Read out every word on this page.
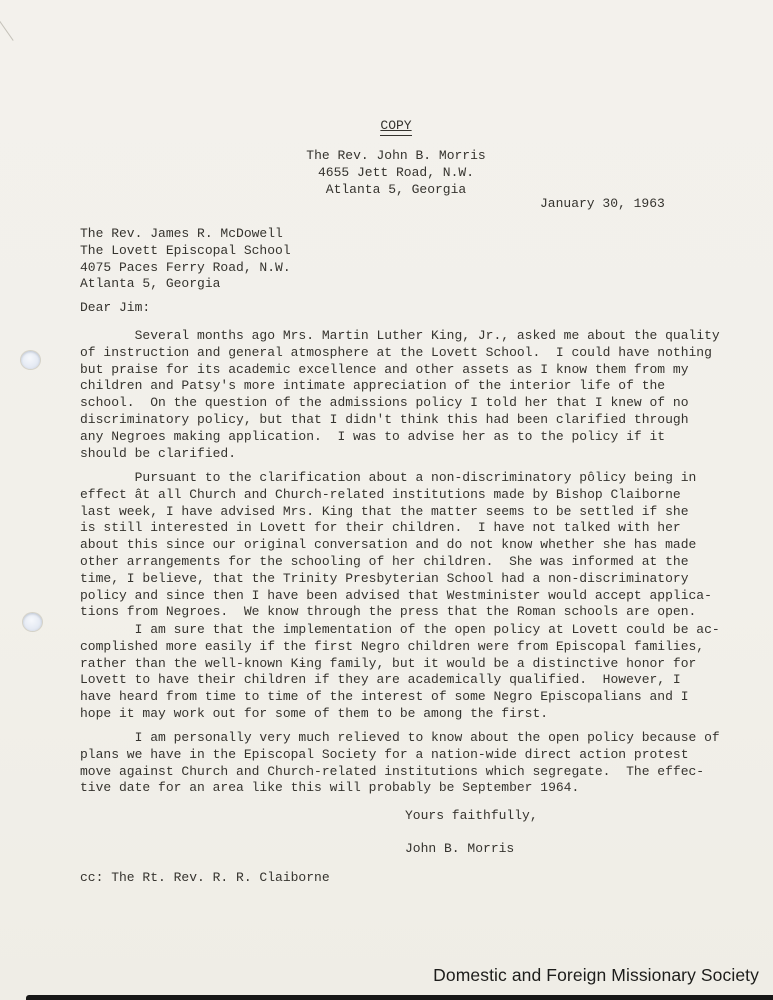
COPY
The Rev. John B. Morris
4655 Jett Road, N.W.
Atlanta 5, Georgia
January 30, 1963
The Rev. James R. McDowell
The Lovett Episcopal School
4075 Paces Ferry Road, N.W.
Atlanta 5, Georgia
Dear Jim:
Several months ago Mrs. Martin Luther King, Jr., asked me about the quality
of instruction and general atmosphere at the Lovett School.  I could have nothing
but praise for its academic excellence and other assets as I know them from my
children and Patsy's more intimate appreciation of the interior life of the
school.  On the question of the admissions policy I told her that I knew of no
discriminatory policy, but that I didn't think this had been clarified through
any Negroes making application.  I was to advise her as to the policy if it
should be clarified.
Pursuant to the clarification about a non-discriminatory pôlicy being in
effect ât all Church and Church-related institutions made by Bishop Claiborne
last week, I have advised Mrs. King that the matter seems to be settled if she
is still interested in Lovett for their children.  I have not talked with her
about this since our original conversation and do not know whether she has made
other arrangements for the schooling of her children.  She was informed at the
time, I believe, that the Trinity Presbyterian School had a non-discriminatory
policy and since then I have been advised that Westminister would accept applica-
tions from Negroes.  We know through the press that the Roman schools are open.
I am sure that the implementation of the open policy at Lovett could be ac-
complished more easily if the first Negro children were from Episcopal families,
rather than the well-known Kɨng family, but it would be a distinctive honor for
Lovett to have their children if they are academically qualified.  However, I
have heard from time to time of the interest of some Negro Episcopalians and I
hope it may work out for some of them to be among the first.
I am personally very much relieved to know about the open policy because of
plans we have in the Episcopal Society for a nation-wide direct action protest
move against Church and Church-related institutions which segregate.  The effec-
tive date for an area like this will probably be September 1964.
Yours faithfully,
John B. Morris
cc: The Rt. Rev. R. R. Claiborne
Domestic and Foreign Missionary Society
